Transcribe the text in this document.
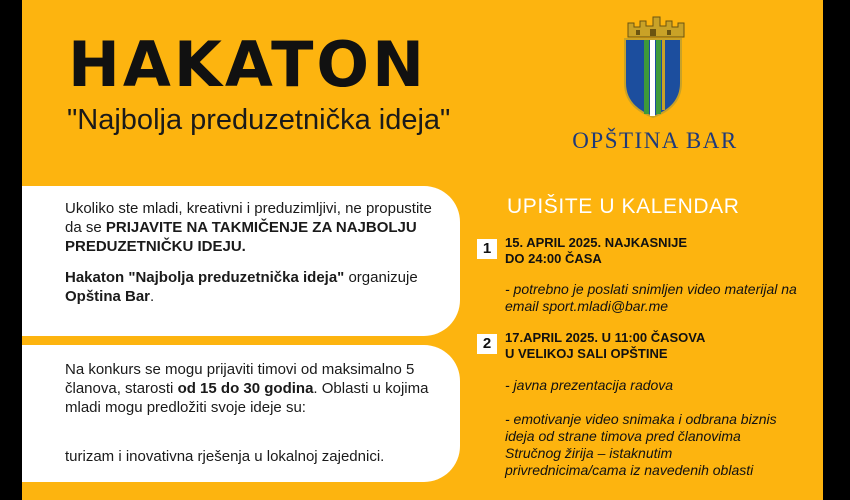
HAKATON
"Najbolja preduzetnička ideja"
OPŠTINA BAR

Ukoliko ste mladi, kreativni i preduzimljivi, ne propustite da se PRIJAVITE NA TAKMIČENJE ZA NAJBOLJU PREDUZETNIČKU IDEJU.

Hakaton "Najbolja preduzetnička ideja" organizuje Opština Bar.

Na konkurs se mogu prijaviti timovi od maksimalno 5 članova, starosti od 15 do 30 godina. Oblasti u kojima mladi mogu predložiti svoje ideje su:

turizam i inovativna rješenja u lokalnoj zajednici.

UPIŠITE U KALENDAR
1	15. APRIL 2025. NAJKASNIJE
DO 24:00 ČASA
- potrebno je poslati snimljen video materijal na email sport.mladi@bar.me
2	17.APRIL 2025. U 11:00 ČASOVA
U VELIKOJ SALI OPŠTINE
- javna prezentacija radova
- emotivanje video snimaka i odbrana biznis ideja od strane timova pred članovima Stručnog žirija – istaknutim privrednicima/cama iz navedenih oblasti
